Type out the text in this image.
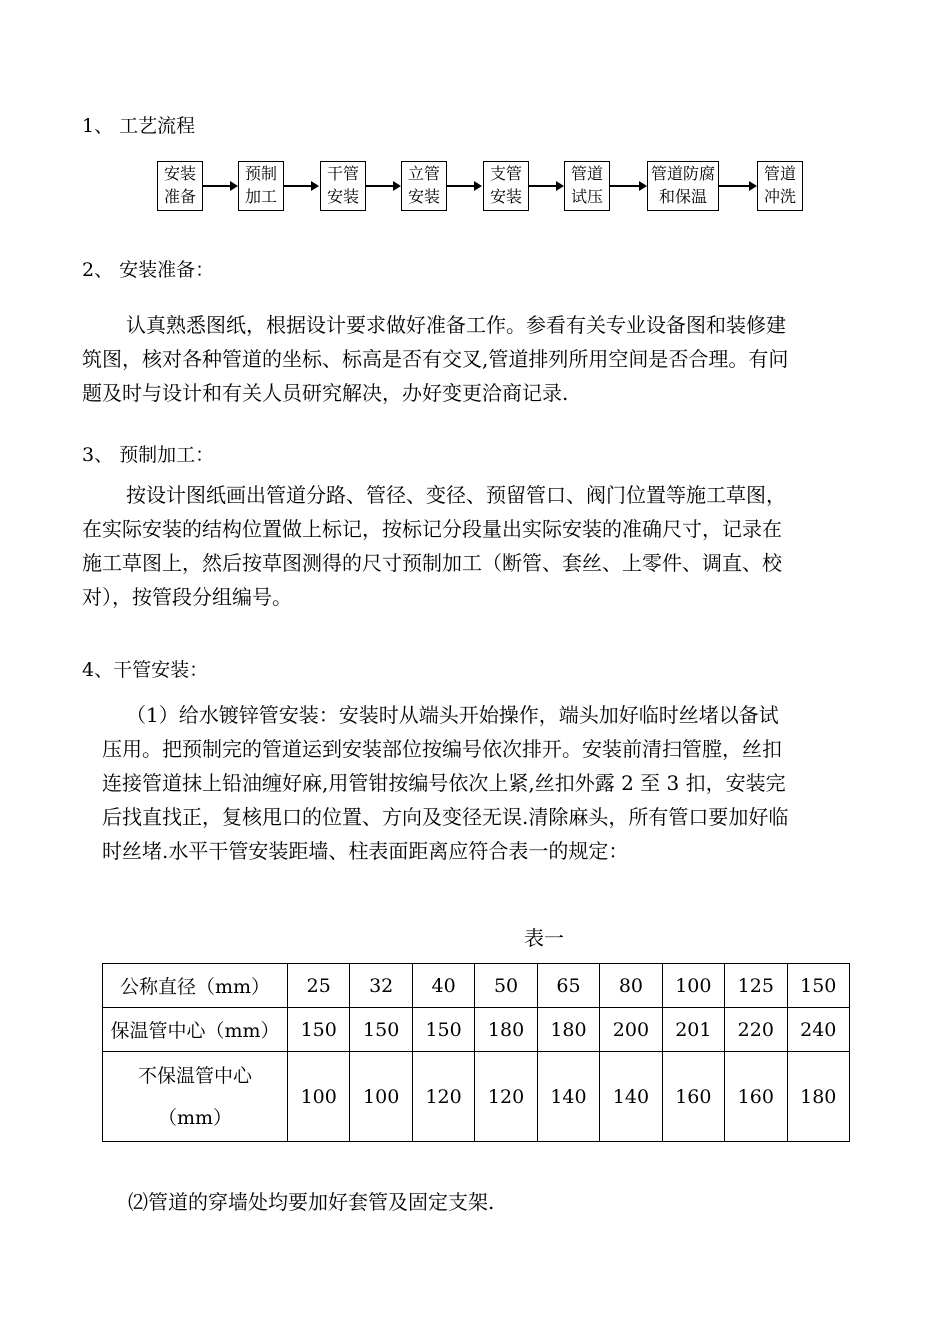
1、 工艺流程
安装
准备
预制
加工
干管
安装
立管
安装
支管
安装
管道
试压
管道防腐
和保温
管道
冲洗
2、 安装准备：
认真熟悉图纸，根据设计要求做好准备工作。参看有关专业设备图和装修建
筑图，核对各种管道的坐标、标高是否有交叉,管道排列所用空间是否合理。有问
题及时与设计和有关人员研究解决，办好变更洽商记录.
3、 预制加工：
按设计图纸画出管道分路、管径、变径、预留管口、阀门位置等施工草图，
在实际安装的结构位置做上标记，按标记分段量出实际安装的准确尺寸，记录在
施工草图上，然后按草图测得的尺寸预制加工（断管、套丝、上零件、调直、校
对），按管段分组编号。
4、干管安装：
（1）给水镀锌管安装：安装时从端头开始操作，端头加好临时丝堵以备试
压用。把预制完的管道运到安装部位按编号依次排开。安装前清扫管膛，丝扣
连接管道抹上铅油缠好麻,用管钳按编号依次上紧,丝扣外露 2 至 3 扣，安装完
后找直找正，复核甩口的位置、方向及变径无误.清除麻头，所有管口要加好临
时丝堵.水平干管安装距墙、柱表面距离应符合表一的规定：
表一
公称直径（mm）	25	32	40	50	65	80	100	125	150
保温管中心（mm）	150	150	150	180	180	200	201	220	240

不保温管中心
（mm）	100	100	120	120	140	140	160	160	180
⑵管道的穿墙处均要加好套管及固定支架.
